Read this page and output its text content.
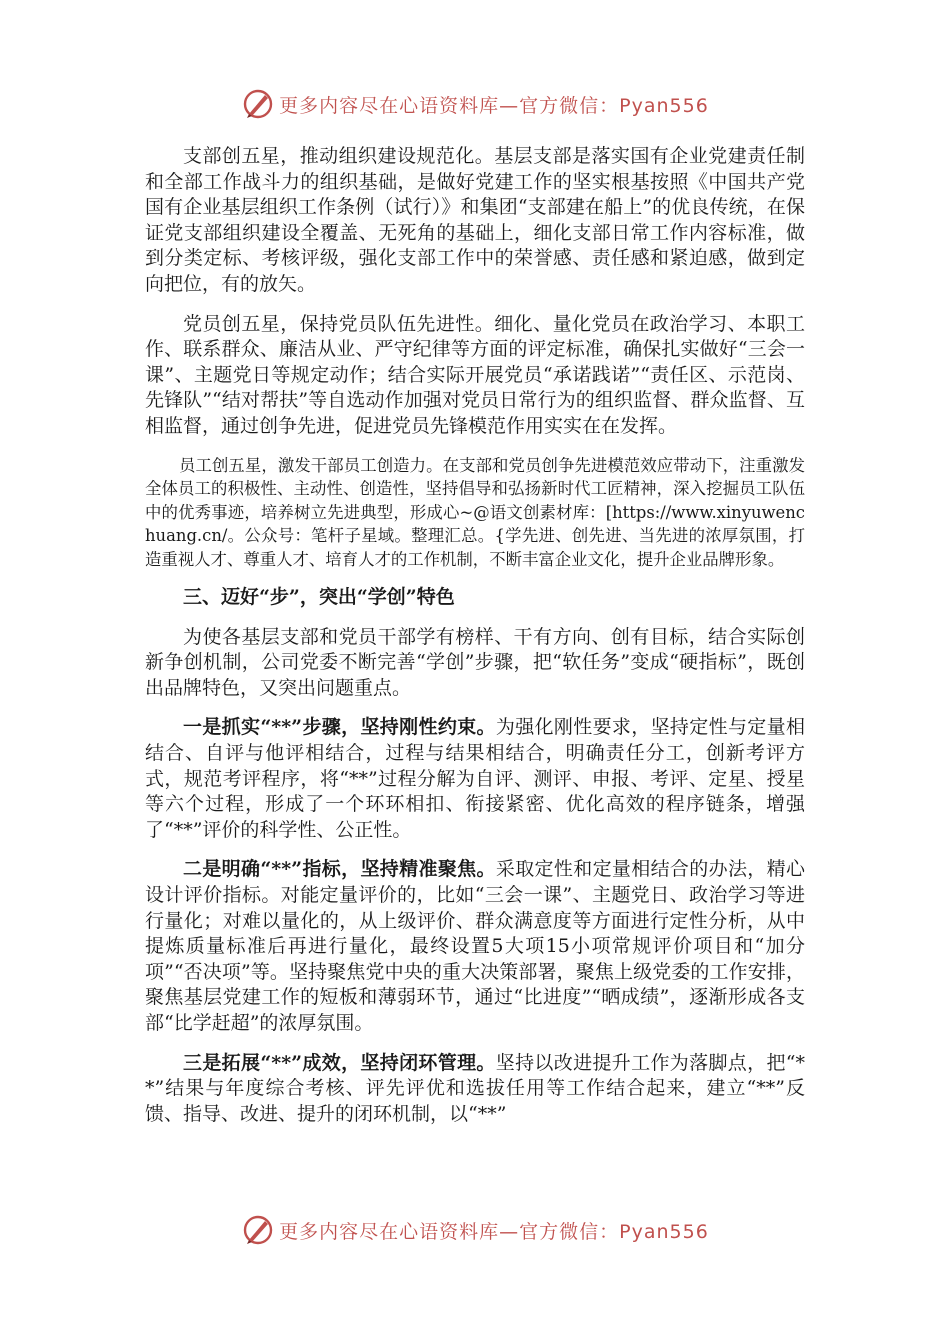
更多内容尽在心语资料库—官方微信：Pyan556

支部创五星，推动组织建设规范化。基层支部是落实国有企业党建责任制和全部工作战斗力的组织基础，是做好党建工作的坚实根基按照《中国共产党国有企业基层组织工作条例（试行）》和集团“支部建在船上”的优良传统，在保证党支部组织建设全覆盖、无死角的基础上，细化支部日常工作内容标准，做到分类定标、考核评级，强化支部工作中的荣誉感、责任感和紧迫感，做到定向把位，有的放矢。

党员创五星，保持党员队伍先进性。细化、量化党员在政治学习、本职工作、联系群众、廉洁从业、严守纪律等方面的评定标准，确保扎实做好“三会一课”、主题党日等规定动作；结合实际开展党员“承诺践诺”“责任区、示范岗、先锋队”“结对帮扶”等自选动作加强对党员日常行为的组织监督、群众监督、互相监督，通过创争先进，促进党员先锋模范作用实实在在发挥。

员工创五星，激发干部员工创造力。在支部和党员创争先进模范效应带动下，注重激发全体员工的积极性、主动性、创造性，坚持倡导和弘扬新时代工匠精神，深入挖掘员工队伍中的优秀事迹，培养树立先进典型，形成心~@语文创素材库：[https://www.xinyuwenchuang.cn/。公众号：笔杆子星域。整理汇总。{学先进、创先进、当先进的浓厚氛围，打造重视人才、尊重人才、培育人才的工作机制，不断丰富企业文化，提升企业品牌形象。

三、迈好“步”，突出“学创”特色

为使各基层支部和党员干部学有榜样、干有方向、创有目标，结合实际创新争创机制，公司党委不断完善“学创”步骤，把“软任务”变成“硬指标”，既创出品牌特色，又突出问题重点。

一是抓实“**”步骤，坚持刚性约束。为强化刚性要求，坚持定性与定量相结合、自评与他评相结合，过程与结果相结合，明确责任分工，创新考评方式，规范考评程序，将“**”过程分解为自评、测评、申报、考评、定星、授星等六个过程，形成了一个环环相扣、衔接紧密、优化高效的程序链条，增强了“**”评价的科学性、公正性。

二是明确“**”指标，坚持精准聚焦。采取定性和定量相结合的办法，精心设计评价指标。对能定量评价的，比如“三会一课”、主题党日、政治学习等进行量化；对难以量化的，从上级评价、群众满意度等方面进行定性分析，从中提炼质量标准后再进行量化，最终设置5大项15小项常规评价项目和“加分项”“否决项”等。坚持聚焦党中央的重大决策部署，聚焦上级党委的工作安排，聚焦基层党建工作的短板和薄弱环节，通过“比进度”“晒成绩”，逐渐形成各支部“比学赶超”的浓厚氛围。

三是拓展“**”成效，坚持闭环管理。坚持以改进提升工作为落脚点，把“**”结果与年度综合考核、评先评优和选拔任用等工作结合起来，建立“**”反馈、指导、改进、提升的闭环机制，以“**”

更多内容尽在心语资料库—官方微信：Pyan556
